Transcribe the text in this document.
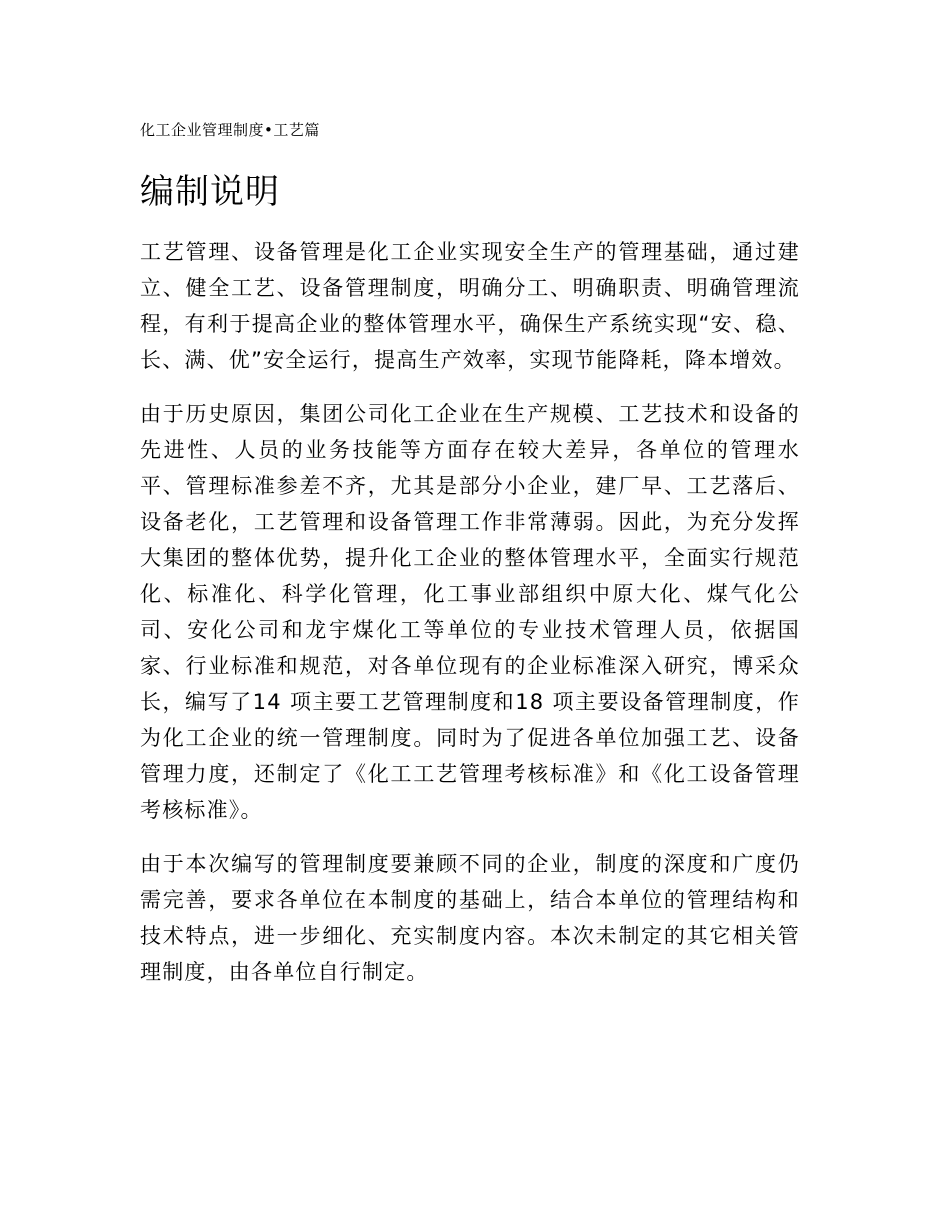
化工企业管理制度•工艺篇

编制说明

工艺管理、设备管理是化工企业实现安全生产的管理基础，通过建立、健全工艺、设备管理制度，明确分工、明确职责、明确管理流程，有利于提高企业的整体管理水平，确保生产系统实现“安、稳、长、满、优”安全运行，提高生产效率，实现节能降耗，降本增效。

由于历史原因，集团公司化工企业在生产规模、工艺技术和设备的先进性、人员的业务技能等方面存在较大差异，各单位的管理水平、管理标准参差不齐，尤其是部分小企业，建厂早、工艺落后、设备老化，工艺管理和设备管理工作非常薄弱。因此，为充分发挥大集团的整体优势，提升化工企业的整体管理水平，全面实行规范化、标准化、科学化管理，化工事业部组织中原大化、煤气化公司、安化公司和龙宇煤化工等单位的专业技术管理人员，依据国家、行业标准和规范，对各单位现有的企业标准深入研究，博采众长，编写了14 项主要工艺管理制度和18 项主要设备管理制度，作为化工企业的统一管理制度。同时为了促进各单位加强工艺、设备管理力度，还制定了《化工工艺管理考核标准》和《化工设备管理考核标准》。

由于本次编写的管理制度要兼顾不同的企业，制度的深度和广度仍需完善，要求各单位在本制度的基础上，结合本单位的管理结构和技术特点，进一步细化、充实制度内容。本次未制定的其它相关管理制度，由各单位自行制定。
